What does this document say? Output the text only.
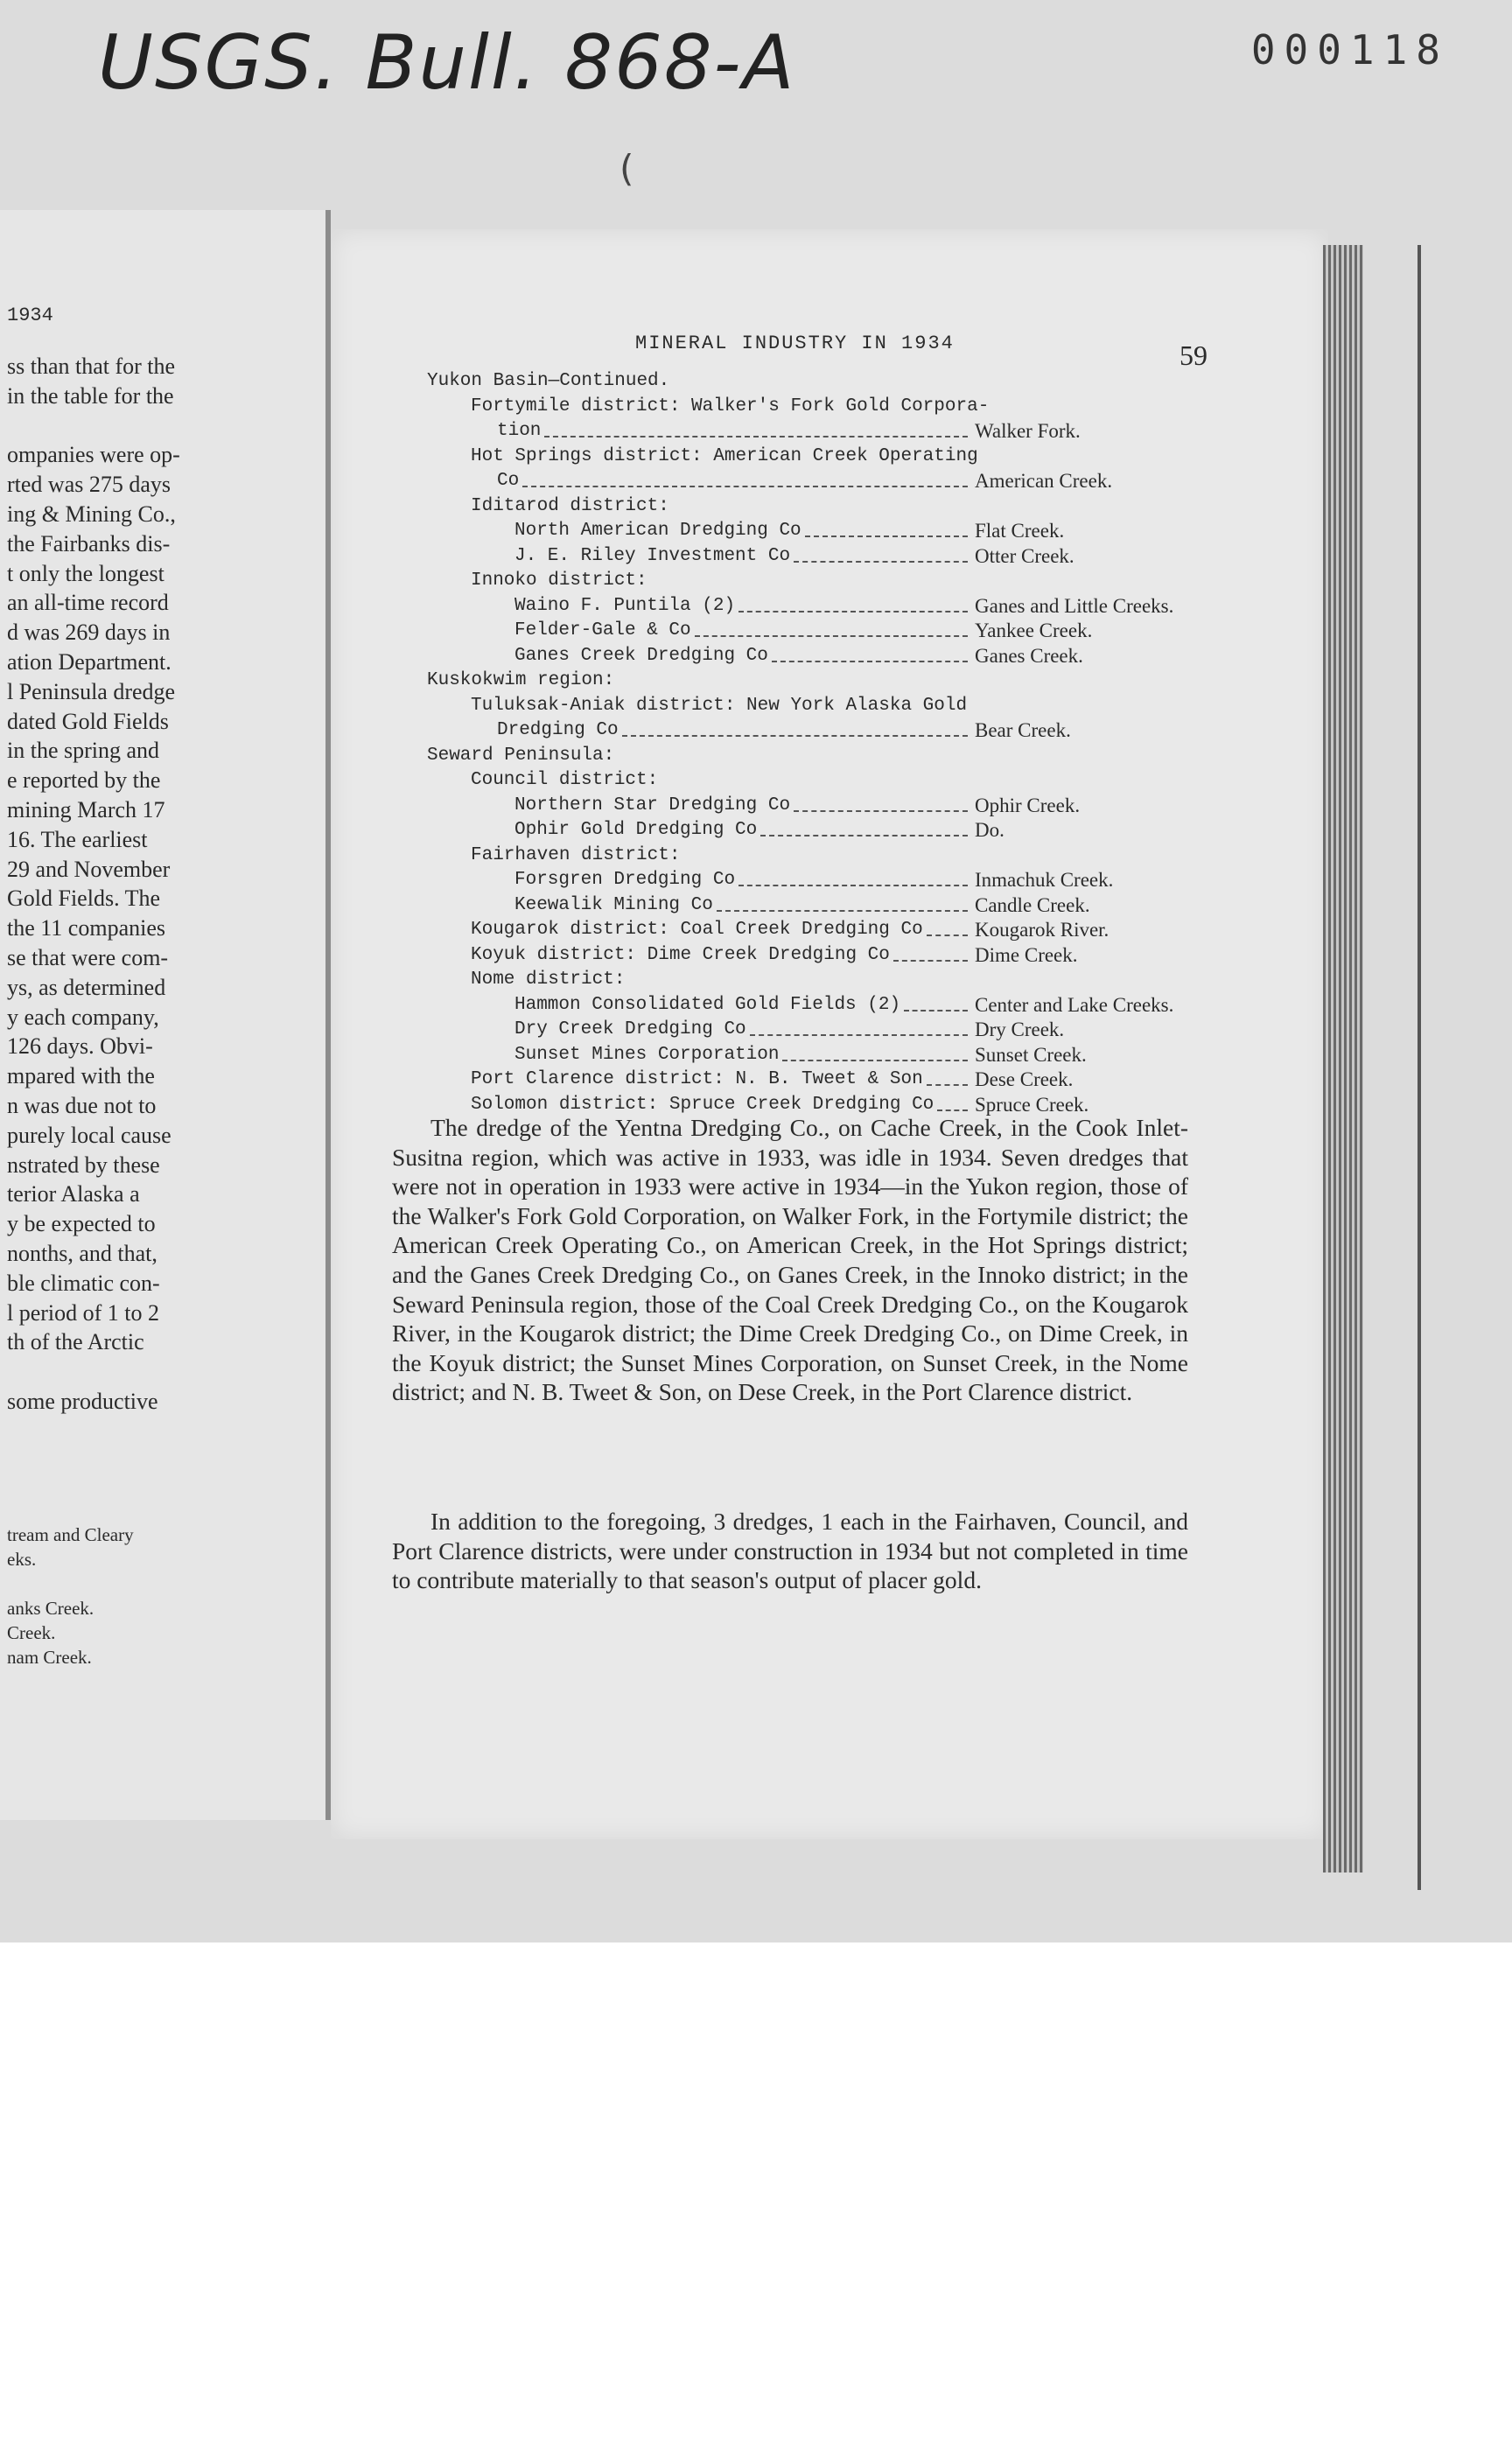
USGS. Bull. 868-A	000118
(
1934
ss than that for the
in the table for the
ompanies were op-
rted was 275 days
ing & Mining Co.,
the Fairbanks dis-
t only the longest
an all-time record
d was 269 days in
ation Department.
l Peninsula dredge
dated Gold Fields
in the spring and
e reported by the
mining March 17
16. The earliest
29 and November
Gold Fields. The
the 11 companies
se that were com-
ys, as determined
y each company,
126 days. Obvi-
mpared with the
n was due not to
purely local cause
nstrated by these
terior Alaska a
y be expected to
nonths, and that,
ble climatic con-
l period of 1 to 2
th of the Arctic
some productive
tream and Cleary
eks.
anks Creek.
Creek.
nam Creek.
MINERAL INDUSTRY IN 1934	59
Yukon Basin—Continued.
Fortymile district: Walker's Fork Gold Corpora-
tion	Walker Fork.
Hot Springs district: American Creek Operating
Co	American Creek.
Iditarod district:
North American Dredging Co	Flat Creek.
J. E. Riley Investment Co	Otter Creek.
Innoko district:
Waino F. Puntila (2)	Ganes and Little Creeks.
Felder-Gale & Co	Yankee Creek.
Ganes Creek Dredging Co	Ganes Creek.
Kuskokwim region:
Tuluksak-Aniak district: New York Alaska Gold
Dredging Co	Bear Creek.
Seward Peninsula:
Council district:
Northern Star Dredging Co	Ophir Creek.
Ophir Gold Dredging Co	Do.
Fairhaven district:
Forsgren Dredging Co	Inmachuk Creek.
Keewalik Mining Co	Candle Creek.
Kougarok district: Coal Creek Dredging Co	Kougarok River.
Koyuk district: Dime Creek Dredging Co	Dime Creek.
Nome district:
Hammon Consolidated Gold Fields (2)	Center and Lake Creeks.
Dry Creek Dredging Co	Dry Creek.
Sunset Mines Corporation	Sunset Creek.
Port Clarence district: N. B. Tweet & Son	Dese Creek.
Solomon district: Spruce Creek Dredging Co Spruce Creek.
The dredge of the Yentna Dredging Co., on Cache Creek, in the Cook Inlet-Susitna region, which was active in 1933, was idle in 1934. Seven dredges that were not in operation in 1933 were active in 1934—in the Yukon region, those of the Walker's Fork Gold Corporation, on Walker Fork, in the Fortymile district; the American Creek Operating Co., on American Creek, in the Hot Springs district; and the Ganes Creek Dredging Co., on Ganes Creek, in the Innoko district; in the Seward Peninsula region, those of the Coal Creek Dredging Co., on the Kougarok River, in the Kougarok district; the Dime Creek Dredging Co., on Dime Creek, in the Koyuk district; the Sunset Mines Corporation, on Sunset Creek, in the Nome district; and N. B. Tweet & Son, on Dese Creek, in the Port Clarence district.
In addition to the foregoing, 3 dredges, 1 each in the Fairhaven, Council, and Port Clarence districts, were under construction in 1934 but not completed in time to contribute materially to that season's output of placer gold.
